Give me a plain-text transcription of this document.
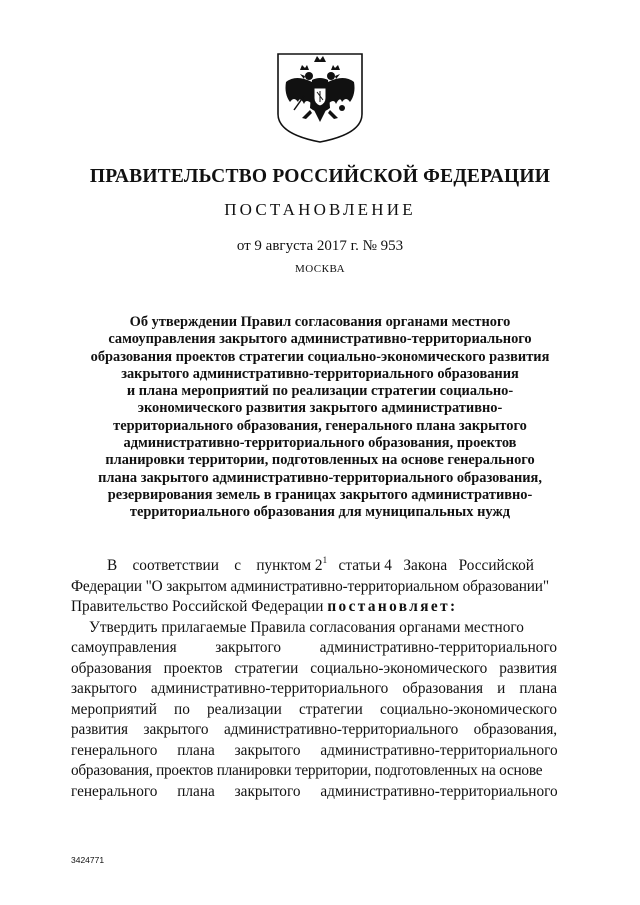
ПРАВИТЕЛЬСТВО РОССИЙСКОЙ ФЕДЕРАЦИИ
ПОСТАНОВЛЕНИЕ
от 9 августа 2017 г. № 953
МОСКВА
Об утверждении Правил согласования органами местного
самоуправления закрытого административно-территориального
образования проектов стратегии социально-экономического развития
закрытого административно-территориального образования
и плана мероприятий по реализации стратегии социально-
экономического развития закрытого административно-
территориального образования, генерального плана закрытого
административно-территориального образования, проектов
планировки территории, подготовленных на основе генерального
плана закрытого административно-территориального образования,
резервирования земель в границах закрытого административно-
территориального образования для муниципальных нужд
В    соответствии    с    пунктом $2^1$   статьи 4   Закона   Российской
Федерации "О закрытом административно-территориальном образовании"
Правительство Российской Федерации постановляет:
Утвердить прилагаемые Правила согласования органами местного
самоуправления закрытого административно-территориального
образования проектов стратегии социально-экономического развития
закрытого административно-территориального образования и плана
мероприятий по реализации стратегии социально-экономического
развития закрытого административно-территориального образования,
генерального плана закрытого административно-территориального
образования, проектов планировки территории, подготовленных на основе
генерального плана закрытого административно-территориального
3424771
